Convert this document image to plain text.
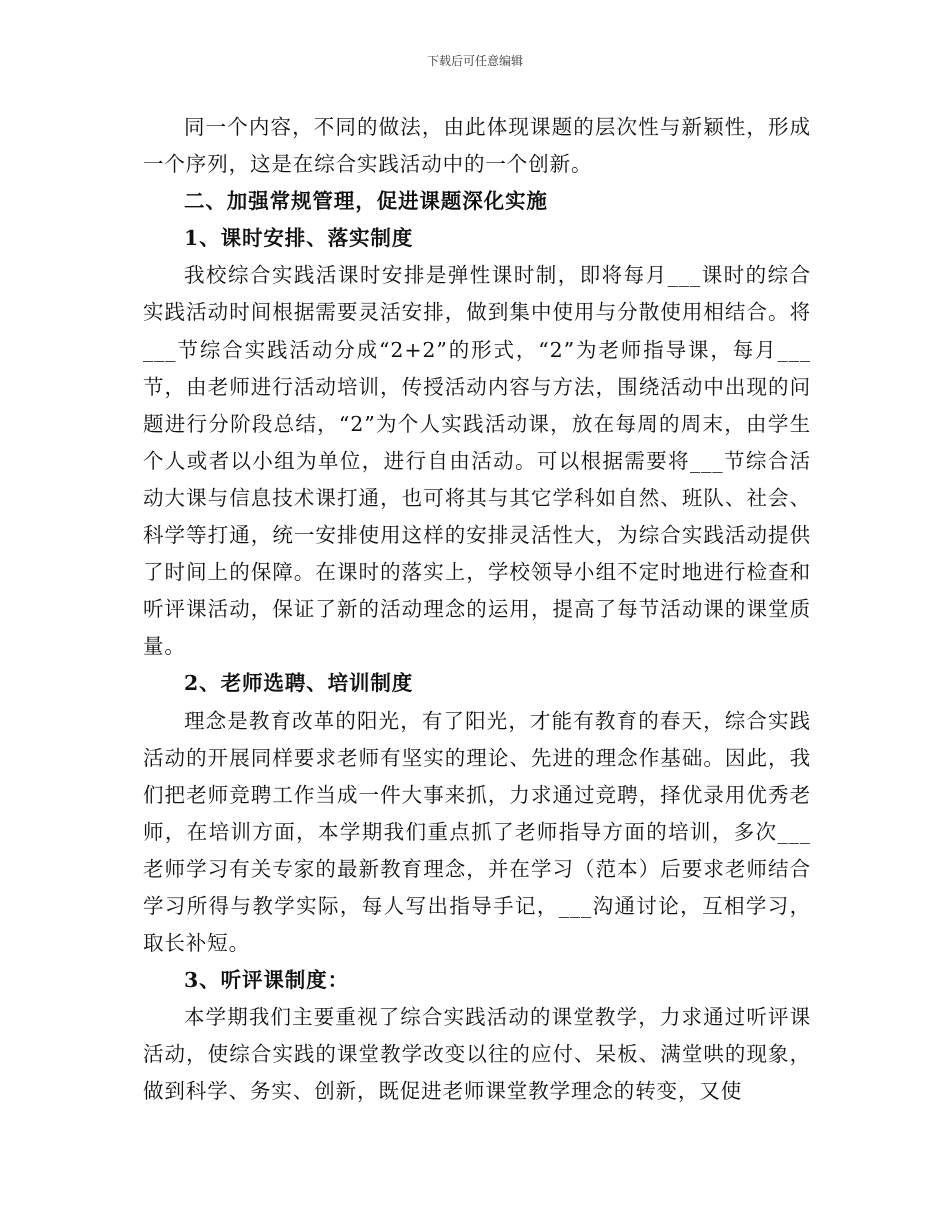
下载后可任意编辑

同一个内容，不同的做法，由此体现课题的层次性与新颖性，形成一个序列，这是在综合实践活动中的一个创新。

二、加强常规管理，促进课题深化实施

1、课时安排、落实制度

我校综合实践活课时安排是弹性课时制，即将每月___课时的综合实践活动时间根据需要灵活安排，做到集中使用与分散使用相结合。将___节综合实践活动分成“2+2”的形式，“2”为老师指导课，每月___节，由老师进行活动培训，传授活动内容与方法，围绕活动中出现的问题进行分阶段总结，“2”为个人实践活动课，放在每周的周末，由学生个人或者以小组为单位，进行自由活动。可以根据需要将___节综合活动大课与信息技术课打通，也可将其与其它学科如自然、班队、社会、科学等打通，统一安排使用这样的安排灵活性大，为综合实践活动提供了时间上的保障。在课时的落实上，学校领导小组不定时地进行检查和听评课活动，保证了新的活动理念的运用，提高了每节活动课的课堂质量。

2、老师选聘、培训制度

理念是教育改革的阳光，有了阳光，才能有教育的春天，综合实践活动的开展同样要求老师有坚实的理论、先进的理念作基础。因此，我们把老师竞聘工作当成一件大事来抓，力求通过竞聘，择优录用优秀老师，在培训方面，本学期我们重点抓了老师指导方面的培训，多次___老师学习有关专家的最新教育理念，并在学习（范本）后要求老师结合学习所得与教学实际，每人写出指导手记，___沟通讨论，互相学习，取长补短。

3、听评课制度：

本学期我们主要重视了综合实践活动的课堂教学，力求通过听评课活动，使综合实践的课堂教学改变以往的应付、呆板、满堂哄的现象，做到科学、务实、创新，既促进老师课堂教学理念的转变，又使
